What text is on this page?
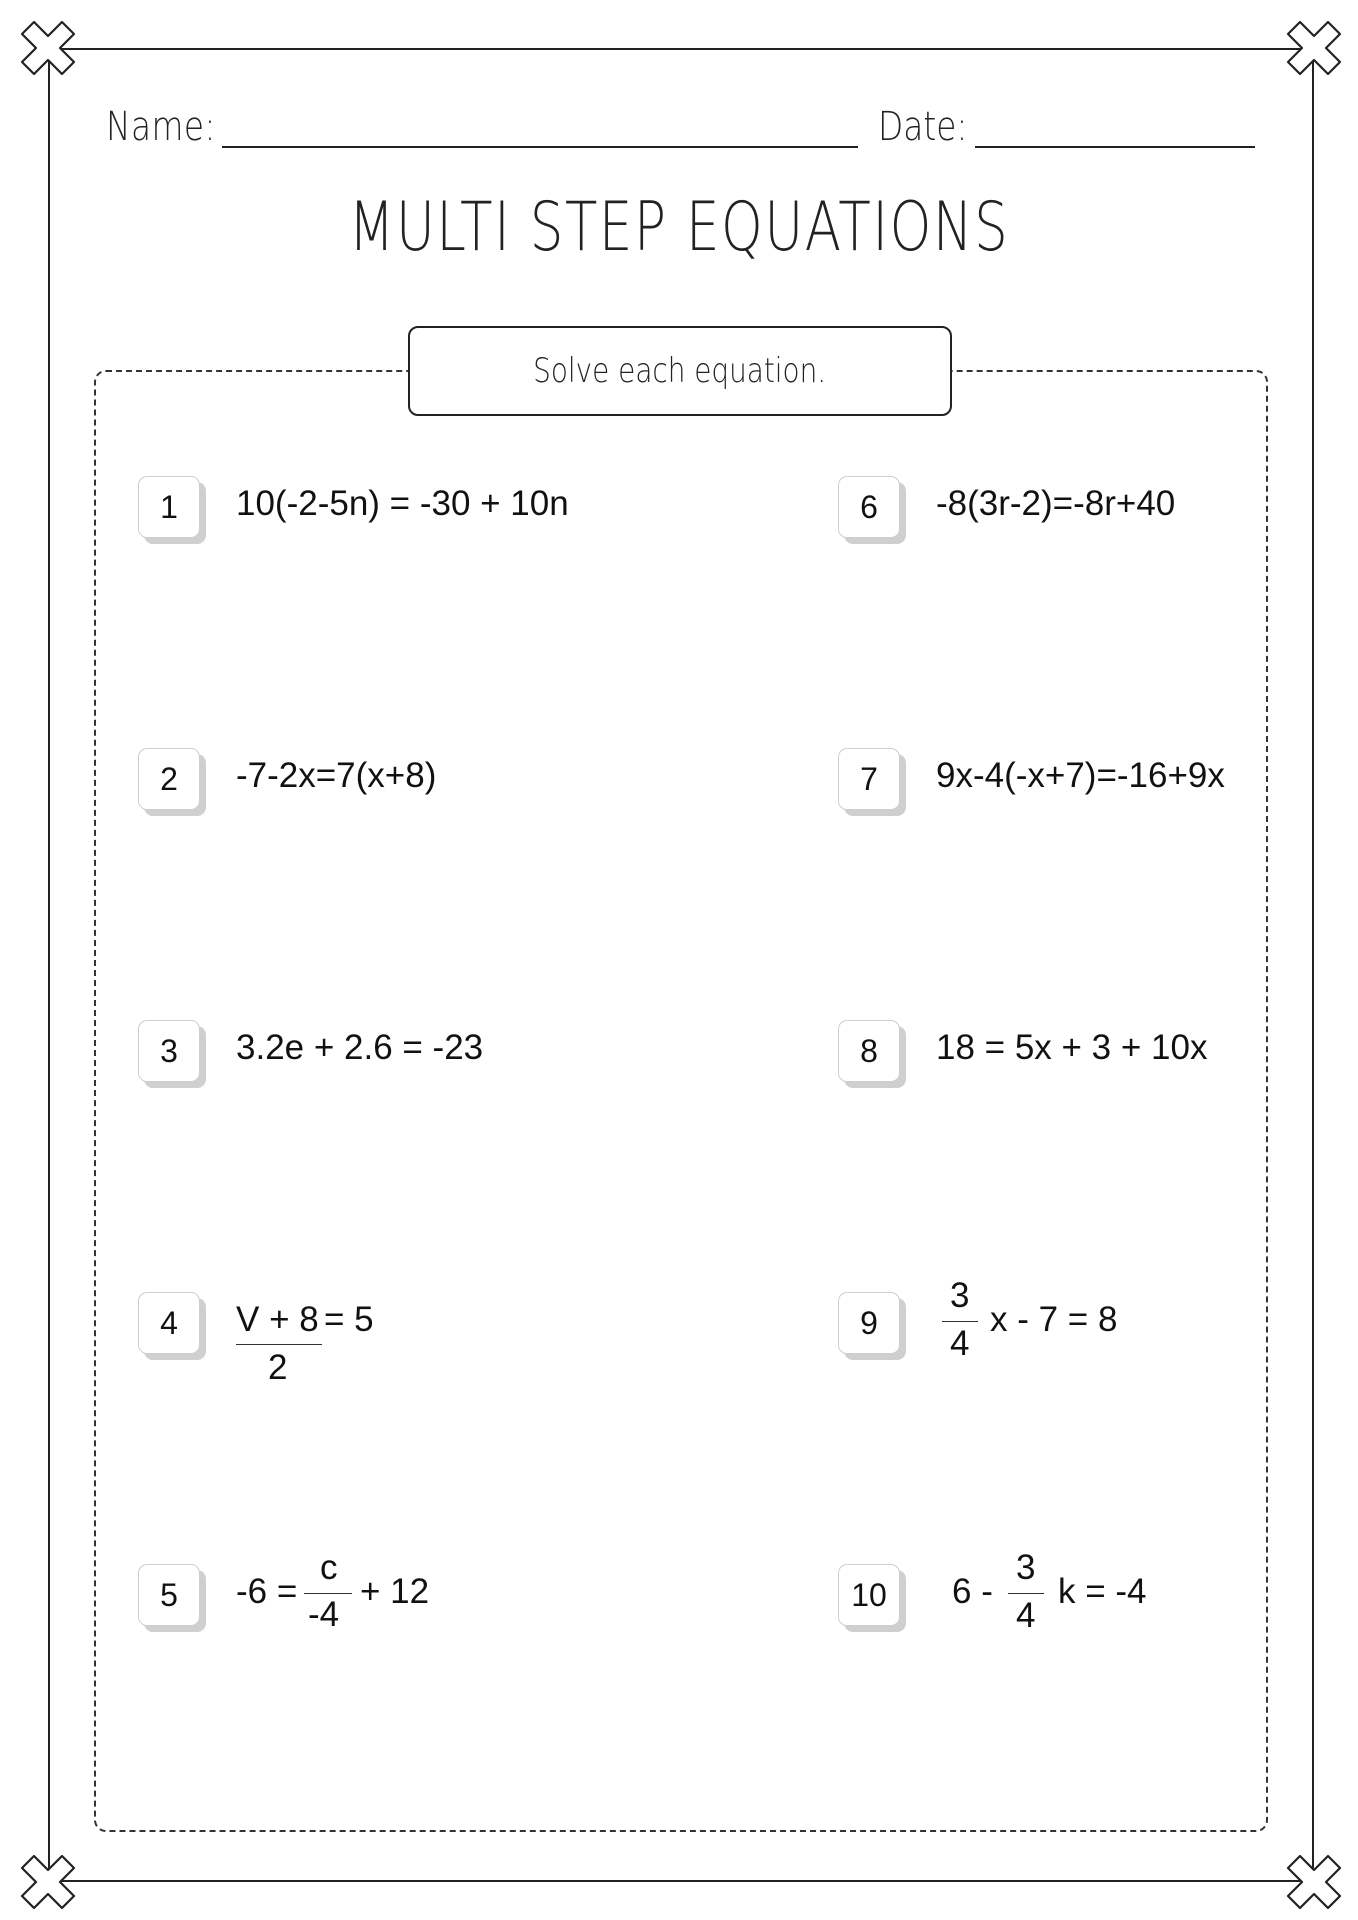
Name:	Date:
MULTI STEP EQUATIONS
Solve each equation.
1	10(-2-5n) = -30 + 10n
2	-7-2x=7(x+8)
3	3.2e + 2.6 = -23
4	V + 8
2
= 5
5	-6 =
c
-4
+ 12
6	-8(3r-2)=-8r+40
7	9x-4(-x+7)=-16+9x
8	18 = 5x + 3 + 10x
9
3
4
x - 7 = 8
10	6 -
3
4
k = -4
